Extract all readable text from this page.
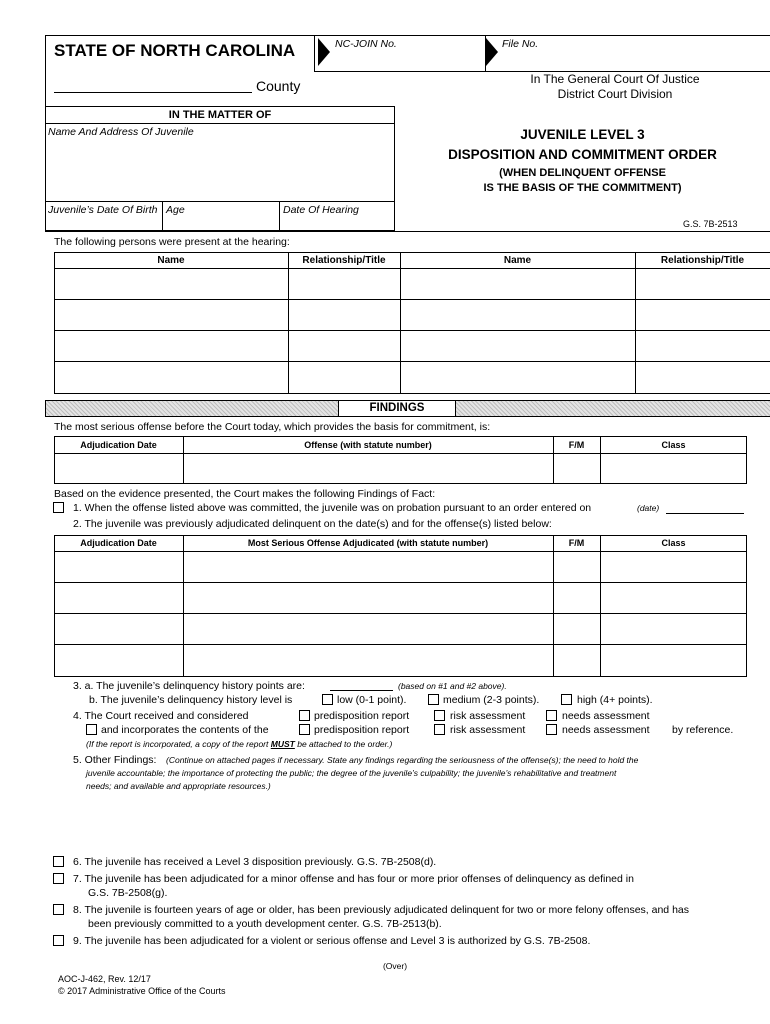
STATE OF NORTH CAROLINA	NC-JOIN No.	File No.
County	In The General Court Of Justice
District Court Division
IN THE MATTER OF
Name And Address Of Juvenile
Juvenile’s Date Of Birth Age	Date Of Hearing
JUVENILE LEVEL 3
DISPOSITION AND COMMITMENT ORDER
(WHEN DELINQUENT OFFENSE
IS THE BASIS OF THE COMMITMENT)
G.S. 7B-2513
The following persons were present at the hearing:
Name	Relationship/Title	Name	Relationship/Title
FINDINGS
The most serious offense before the Court today, which provides the basis for commitment, is:
Adjudication Date	Offense (with statute number)	F/M	Class
Based on the evidence presented, the Court makes the following Findings of Fact:
1. When the offense listed above was committed, the juvenile was on probation pursuant to an order entered on	(date)
2. The juvenile was previously adjudicated delinquent on the date(s) and for the offense(s) listed below:
Adjudication Date	Most Serious Offense Adjudicated (with statute number)	F/M	Class
3. a. The juvenile’s delinquency history points are:	(based on #1 and #2 above).
b. The juvenile’s delinquency history level is	low (0-1 point).	medium (2-3 points).	high (4+ points).
4. The Court received and considered	predisposition report	risk assessment	needs assessment
and incorporates the contents of the	predisposition report	risk assessment	needs assessment by reference.
(If the report is incorporated, a copy of the report MUST be attached to the order.)
5. Other Findings: (Continue on attached pages if necessary. State any findings regarding the seriousness of the offense(s); the need to hold the
juvenile accountable; the importance of protecting the public; the degree of the juvenile’s culpability; the juvenile’s rehabilitative and treatment
needs; and available and appropriate resources.)
6. The juvenile has received a Level 3 disposition previously. G.S. 7B-2508(d).
7. The juvenile has been adjudicated for a minor offense and has four or more prior offenses of delinquency as defined in
G.S. 7B-2508(g).
8. The juvenile is fourteen years of age or older, has been previously adjudicated delinquent for two or more felony offenses, and has
been previously committed to a youth development center. G.S. 7B-2513(b).
9. The juvenile has been adjudicated for a violent or serious offense and Level 3 is authorized by G.S. 7B-2508.
(Over)
AOC-J-462, Rev. 12/17
© 2017 Administrative Office of the Courts
